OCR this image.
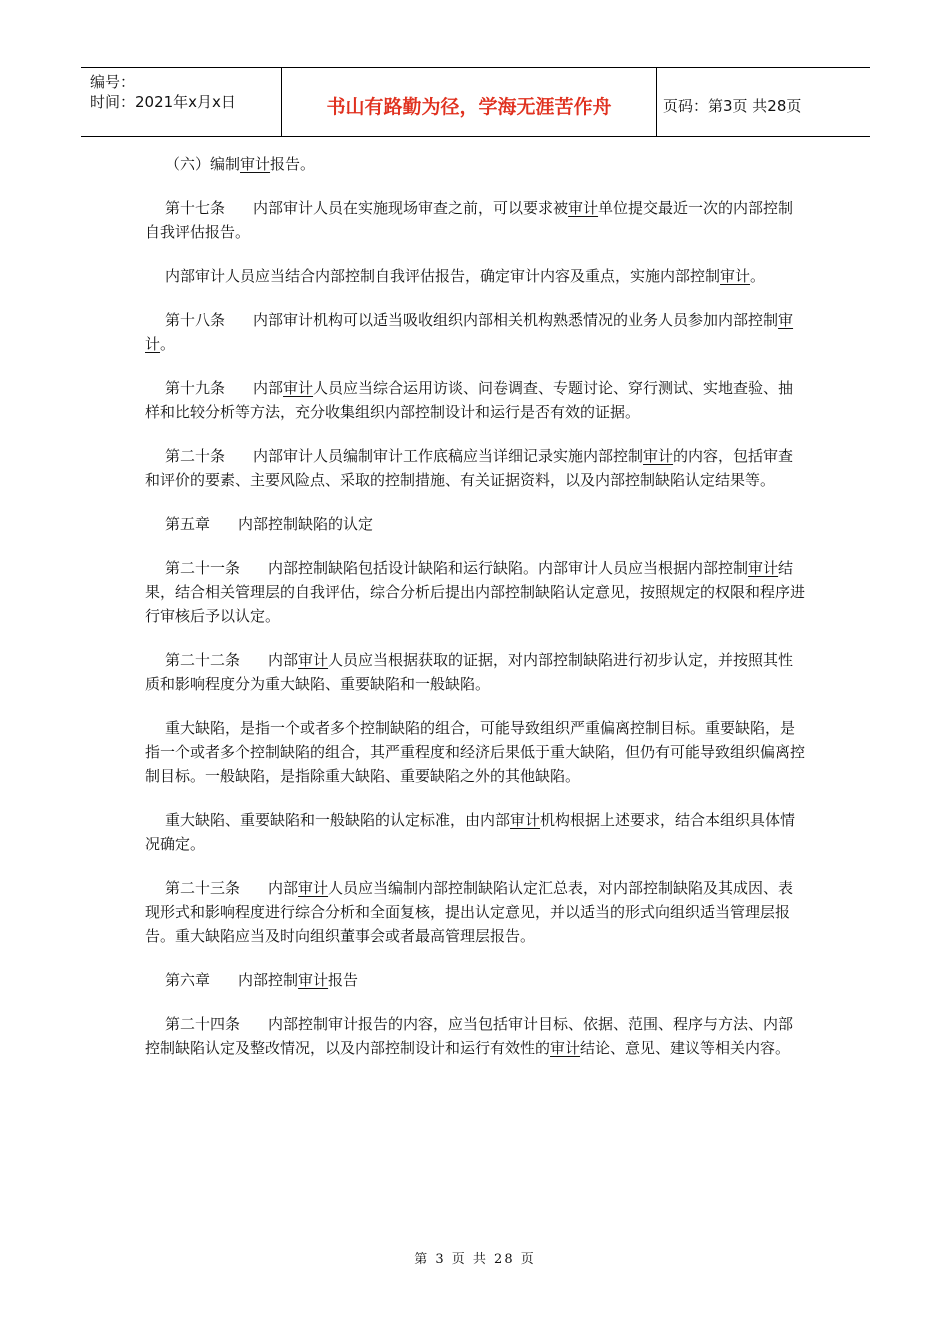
编号：
时间：2021年x月x日	书山有路勤为径，学海无涯苦作舟	页码：第3页 共28页

（六）编制审计报告。

第十七条 内部审计人员在实施现场审查之前，可以要求被审计单位提交最近一次的内部控制自我评估报告。

内部审计人员应当结合内部控制自我评估报告，确定审计内容及重点，实施内部控制审计。

第十八条 内部审计机构可以适当吸收组织内部相关机构熟悉情况的业务人员参加内部控制审计。

第十九条 内部审计人员应当综合运用访谈、问卷调查、专题讨论、穿行测试、实地查验、抽样和比较分析等方法，充分收集组织内部控制设计和运行是否有效的证据。

第二十条 内部审计人员编制审计工作底稿应当详细记录实施内部控制审计的内容，包括审查和评价的要素、主要风险点、采取的控制措施、有关证据资料，以及内部控制缺陷认定结果等。

第五章 内部控制缺陷的认定

第二十一条 内部控制缺陷包括设计缺陷和运行缺陷。内部审计人员应当根据内部控制审计结果，结合相关管理层的自我评估，综合分析后提出内部控制缺陷认定意见，按照规定的权限和程序进行审核后予以认定。

第二十二条 内部审计人员应当根据获取的证据，对内部控制缺陷进行初步认定，并按照其性质和影响程度分为重大缺陷、重要缺陷和一般缺陷。

重大缺陷，是指一个或者多个控制缺陷的组合，可能导致组织严重偏离控制目标。重要缺陷，是指一个或者多个控制缺陷的组合，其严重程度和经济后果低于重大缺陷，但仍有可能导致组织偏离控制目标。一般缺陷，是指除重大缺陷、重要缺陷之外的其他缺陷。

重大缺陷、重要缺陷和一般缺陷的认定标准，由内部审计机构根据上述要求，结合本组织具体情况确定。

第二十三条 内部审计人员应当编制内部控制缺陷认定汇总表，对内部控制缺陷及其成因、表现形式和影响程度进行综合分析和全面复核，提出认定意见，并以适当的形式向组织适当管理层报告。重大缺陷应当及时向组织董事会或者最高管理层报告。

第六章 内部控制审计报告

第二十四条 内部控制审计报告的内容，应当包括审计目标、依据、范围、程序与方法、内部控制缺陷认定及整改情况，以及内部控制设计和运行有效性的审计结论、意见、建议等相关内容。

第 3 页 共 28 页
